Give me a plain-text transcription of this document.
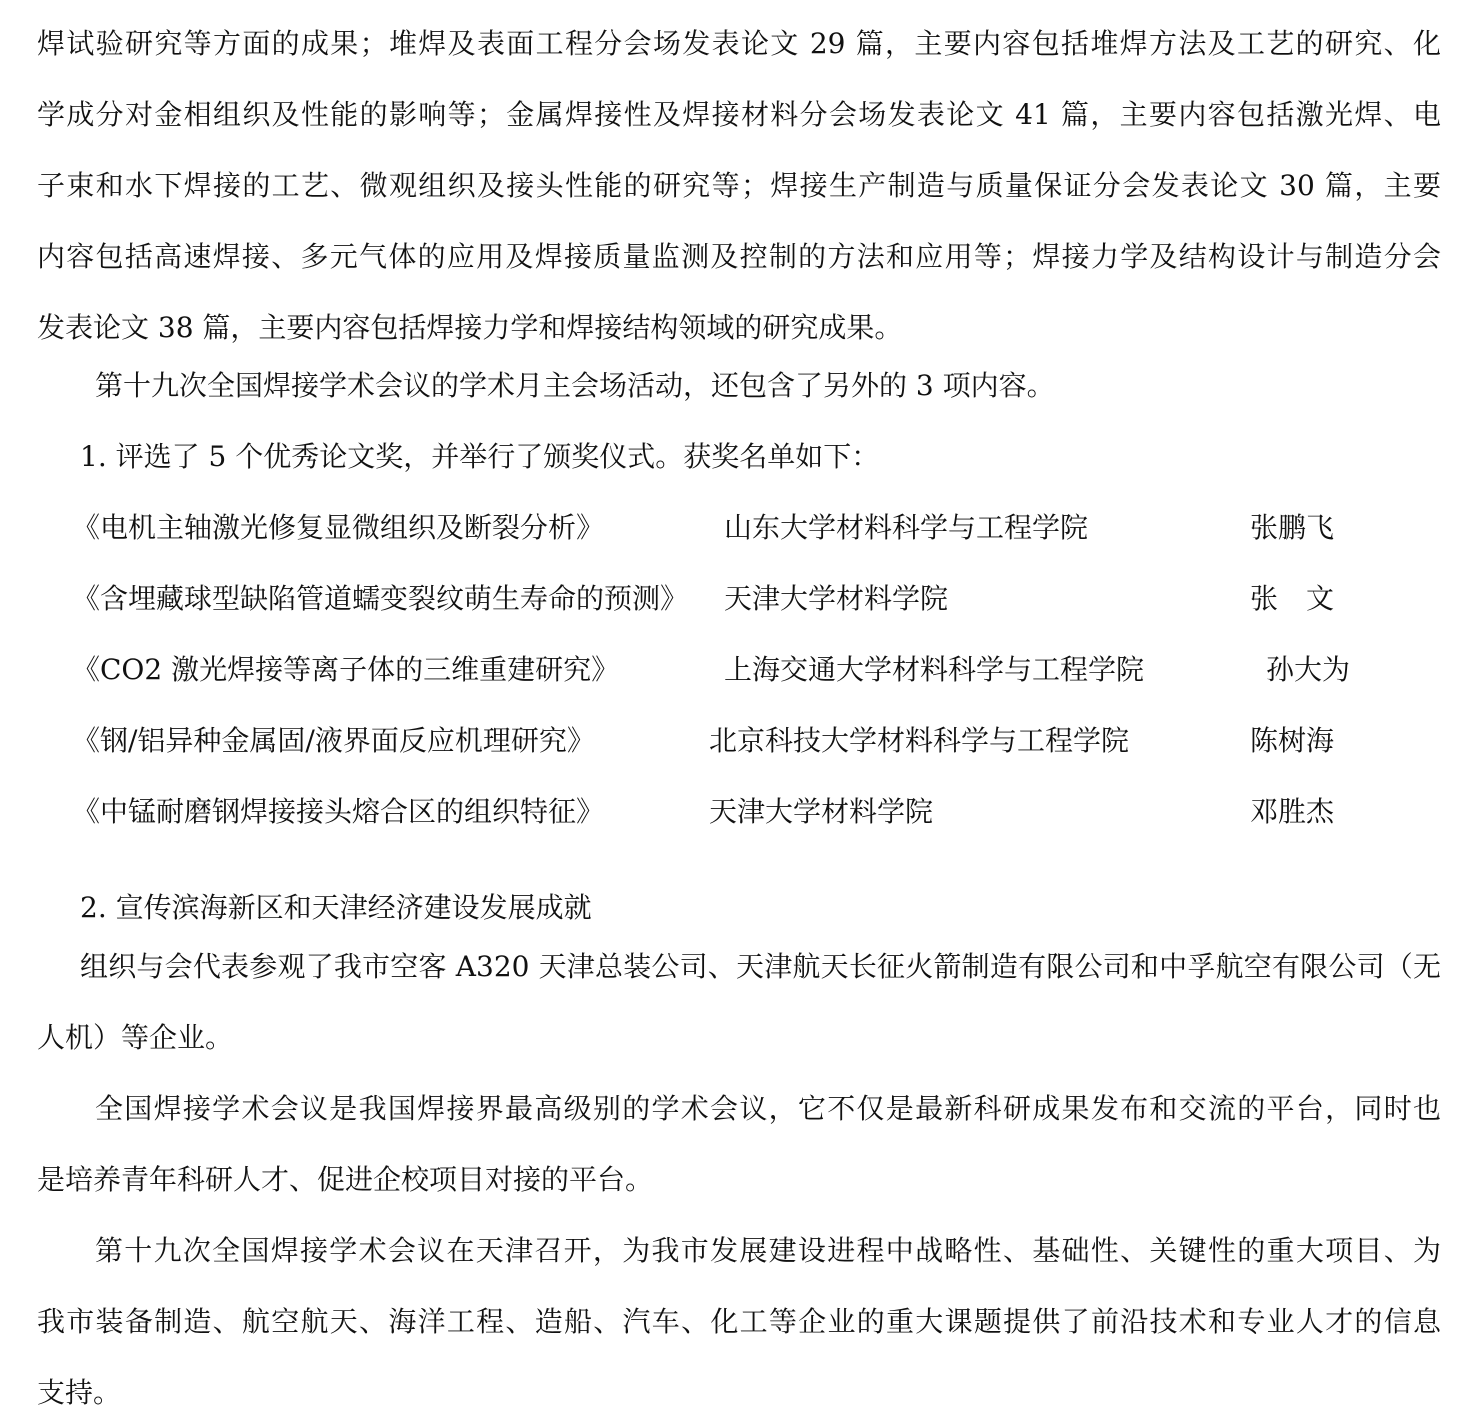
焊试验研究等方面的成果；堆焊及表面工程分会场发表论文 29 篇，主要内容包括堆焊方法及工艺的研究、化
学成分对金相组织及性能的影响等；金属焊接性及焊接材料分会场发表论文 41 篇，主要内容包括激光焊、电
子束和水下焊接的工艺、微观组织及接头性能的研究等；焊接生产制造与质量保证分会发表论文 30 篇，主要
内容包括高速焊接、多元气体的应用及焊接质量监测及控制的方法和应用等；焊接力学及结构设计与制造分会
发表论文 38 篇，主要内容包括焊接力学和焊接结构领域的研究成果。
第十九次全国焊接学术会议的学术月主会场活动，还包含了另外的 3 项内容。
1. 评选了 5 个优秀论文奖，并举行了颁奖仪式。获奖名单如下：
《电机主轴激光修复显微组织及断裂分析》	山东大学材料科学与工程学院	张鹏飞
《含埋藏球型缺陷管道蠕变裂纹萌生寿命的预测》 天津大学材料学院	张　文
《CO2 激光焊接等离子体的三维重建研究》	上海交通大学材料科学与工程学院	孙大为
《钢/铝异种金属固/液界面反应机理研究》	北京科技大学材料科学与工程学院	陈树海
《中锰耐磨钢焊接接头熔合区的组织特征》	天津大学材料学院	邓胜杰
2. 宣传滨海新区和天津经济建设发展成就
组织与会代表参观了我市空客 A320 天津总装公司、天津航天长征火箭制造有限公司和中孚航空有限公司（无
人机）等企业。
全国焊接学术会议是我国焊接界最高级别的学术会议，它不仅是最新科研成果发布和交流的平台，同时也
是培养青年科研人才、促进企校项目对接的平台。
第十九次全国焊接学术会议在天津召开，为我市发展建设进程中战略性、基础性、关键性的重大项目、为
我市装备制造、航空航天、海洋工程、造船、汽车、化工等企业的重大课题提供了前沿技术和专业人才的信息
支持。
